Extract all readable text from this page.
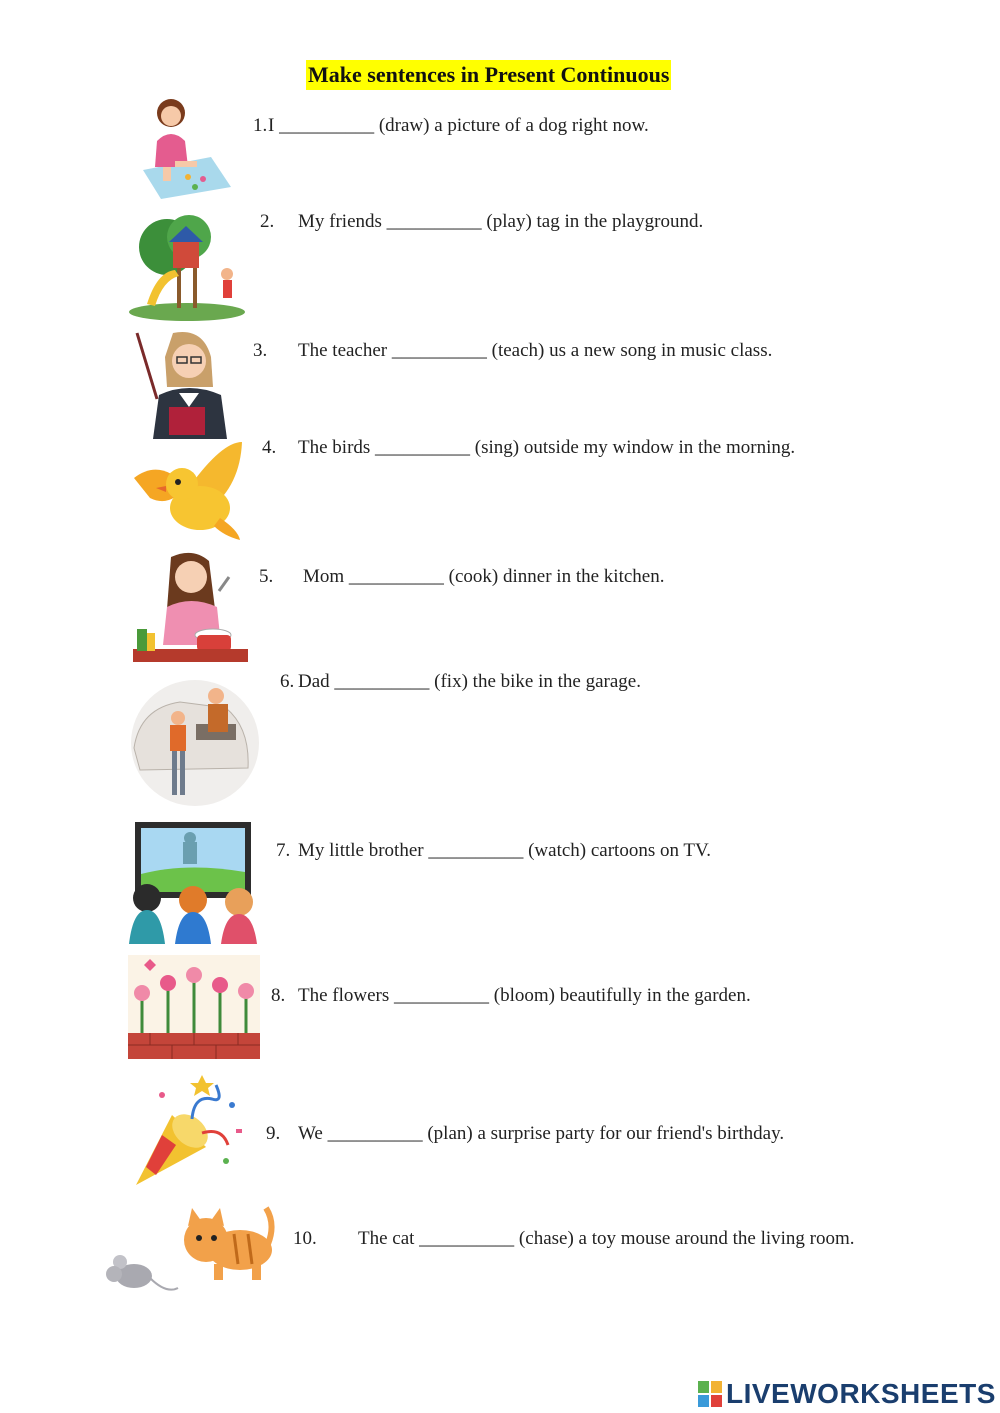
Make sentences in Present Continuous
1. I __________ (draw) a picture of a dog right now.
2. My friends __________ (play) tag in the playground.
3. The teacher __________ (teach) us a new song in music class.
4. The birds __________ (sing) outside my window in the morning.
5. Mom __________ (cook) dinner in the kitchen.
6. Dad __________ (fix) the bike in the garage.
7. My little brother __________ (watch) cartoons on TV.
8. The flowers __________ (bloom) beautifully in the garden.
9. We __________ (plan) a surprise party for our friend's birthday.
10. The cat __________ (chase) a toy mouse around the living room.
LIVEWORKSHEETS
